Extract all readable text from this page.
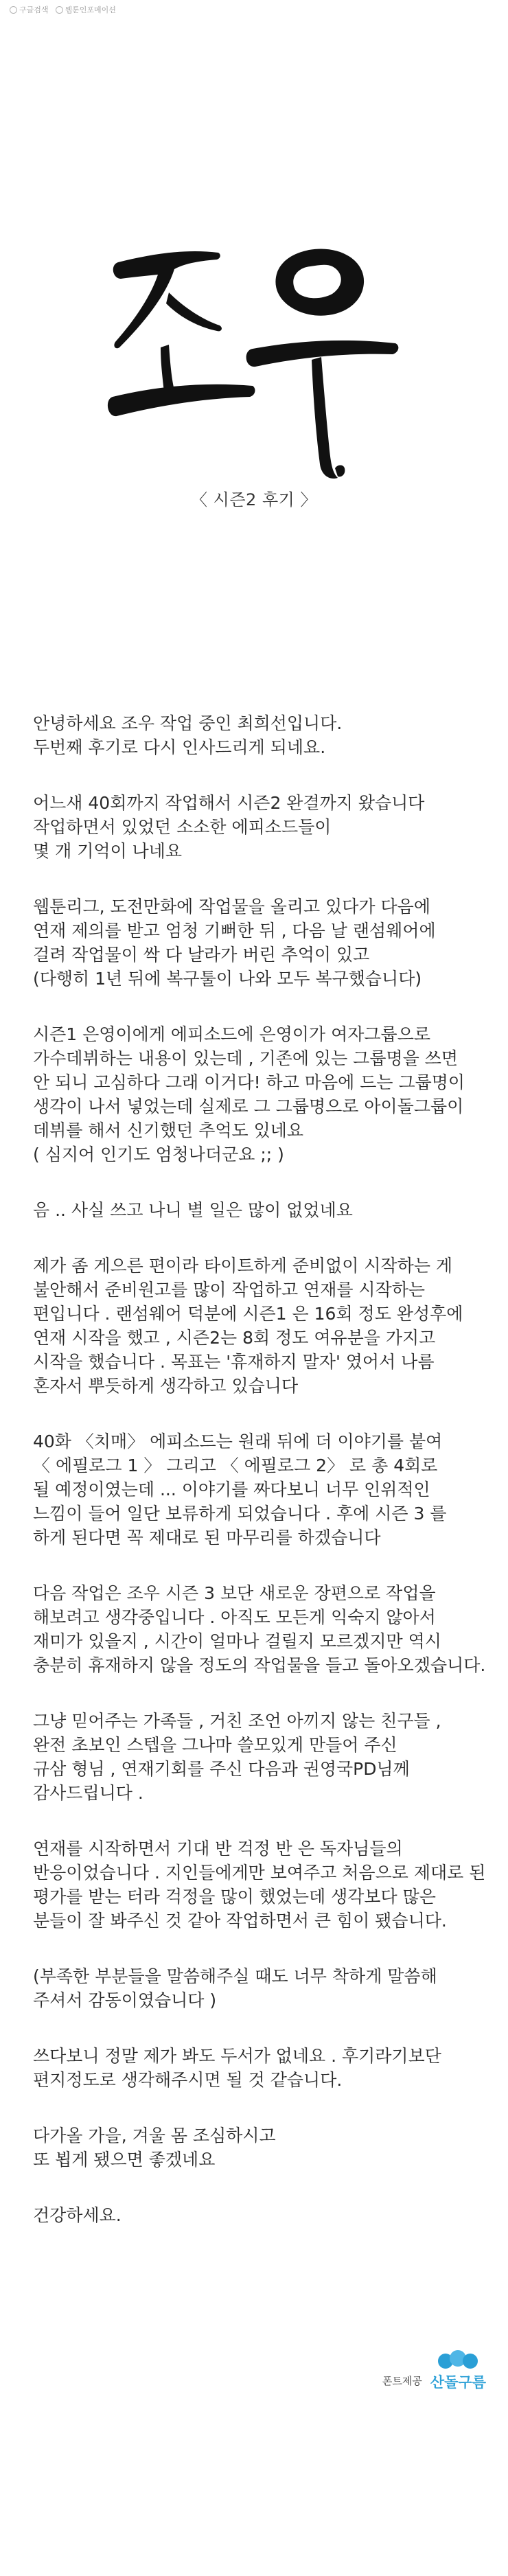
구글검색 웹툰인포메이션
〈 시즌2 후기 〉
안녕하세요 조우 작업 중인 최희선입니다.
두번째 후기로 다시 인사드리게 되네요.
어느새 40회까지 작업해서 시즌2 완결까지 왔습니다
작업하면서 있었던 소소한 에피소드들이
몇 개 기억이 나네요
웹툰리그, 도전만화에 작업물을 올리고 있다가 다음에
연재 제의를 받고 엄청 기뻐한 뒤 , 다음 날 랜섬웨어에
걸려 작업물이 싹 다 날라가 버린 추억이 있고
(다행히 1년 뒤에 복구툴이 나와 모두 복구했습니다)
시즌1 은영이에게 에피소드에 은영이가 여자그룹으로
가수데뷔하는 내용이 있는데 , 기존에 있는 그룹명을 쓰면
안 되니 고심하다 그래 이거다! 하고 마음에 드는 그룹명이
생각이 나서 넣었는데 실제로 그 그룹명으로 아이돌그룹이
데뷔를 해서 신기했던 추억도 있네요
( 심지어 인기도 엄청나더군요 ;; )
음 .. 사실 쓰고 나니 별 일은 많이 없었네요
제가 좀 게으른 편이라 타이트하게 준비없이 시작하는 게
불안해서 준비원고를 많이 작업하고 연재를 시작하는
편입니다 . 랜섬웨어 덕분에 시즌1 은 16회 정도 완성후에
연재 시작을 했고 , 시즌2는 8회 정도 여유분을 가지고
시작을 했습니다 . 목표는 '휴재하지 말자' 였어서 나름
혼자서 뿌듯하게 생각하고 있습니다
40화 〈치매〉 에피소드는 원래 뒤에 더 이야기를 붙여
〈 에필로그 1 〉 그리고 〈 에필로그 2〉 로 총 4회로
될 예정이였는데 ... 이야기를 짜다보니 너무 인위적인
느낌이 들어 일단 보류하게 되었습니다 . 후에 시즌 3 를
하게 된다면 꼭 제대로 된 마무리를 하겠습니다
다음 작업은 조우 시즌 3 보단 새로운 장편으로 작업을
해보려고 생각중입니다 . 아직도 모든게 익숙지 않아서
재미가 있을지 , 시간이 얼마나 걸릴지 모르겠지만 역시
충분히 휴재하지 않을 정도의 작업물을 들고 돌아오겠습니다.
그냥 믿어주는 가족들 , 거친 조언 아끼지 않는 친구들 ,
완전 초보인 스텝을 그나마 쓸모있게 만들어 주신
규삼 형님 , 연재기회를 주신 다음과 권영국PD님께
감사드립니다 .
연재를 시작하면서 기대 반 걱정 반 은 독자님들의
반응이었습니다 . 지인들에게만 보여주고 처음으로 제대로 된
평가를 받는 터라 걱정을 많이 했었는데 생각보다 많은
분들이 잘 봐주신 것 같아 작업하면서 큰 힘이 됐습니다.
(부족한 부분들을 말씀해주실 때도 너무 착하게 말씀해
주셔서 감동이였습니다 )
쓰다보니 정말 제가 봐도 두서가 없네요 . 후기라기보단
편지정도로 생각해주시면 될 것 같습니다.
다가올 가을, 겨울 몸 조심하시고
또 뵙게 됐으면 좋겠네요
건강하세요.
폰트제공 산돌구름
